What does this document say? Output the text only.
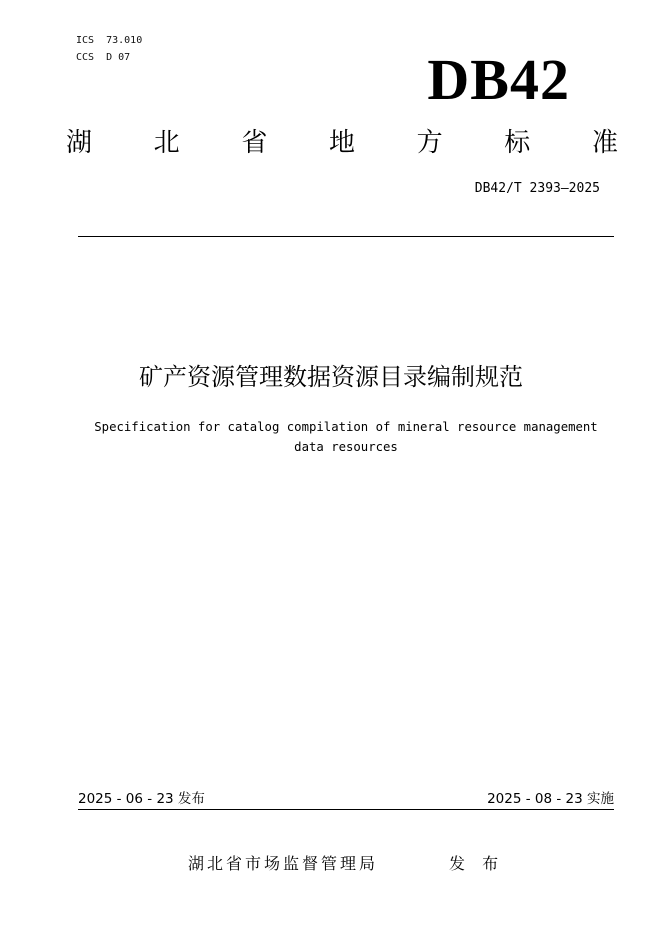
ICS  73.010
CCS  D 07	DB42
湖 北 省 地 方 标 准
DB42/T 2393—2025
矿产资源管理数据资源目录编制规范
Specification for catalog compilation of mineral resource management
data resources
2025 - 06 - 23 发布	2025 - 08 - 23 实施
湖北省市场监督管理局	发 布
